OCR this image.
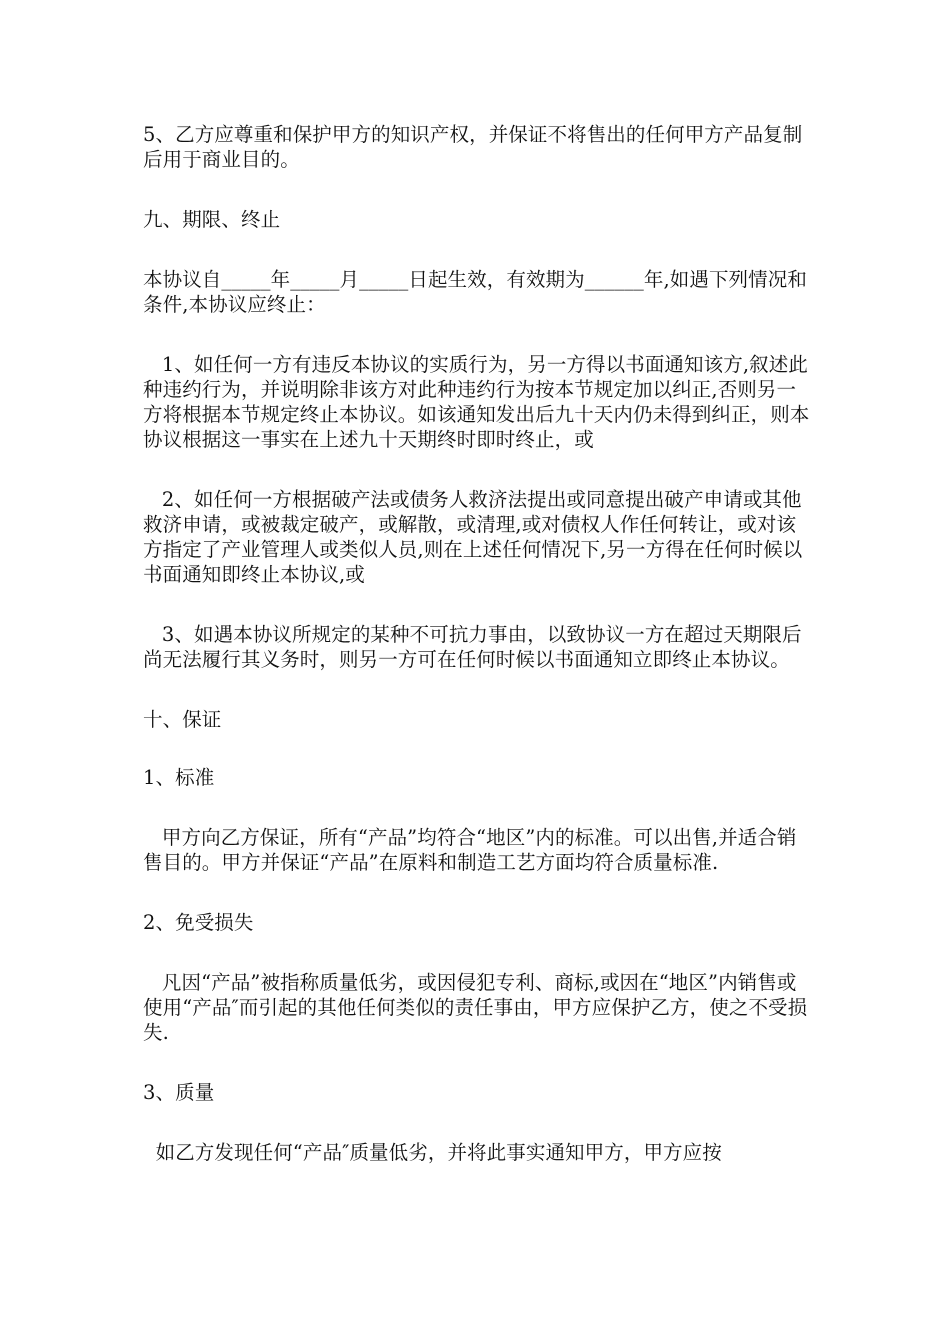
5、乙方应尊重和保护甲方的知识产权，并保证不将售出的任何甲方产品复制后用于商业目的。

九、期限、终止

本协议自_____年_____月_____日起生效，有效期为______年,如遇下列情况和条件,本协议应终止：

1、如任何一方有违反本协议的实质行为，另一方得以书面通知该方,叙述此种违约行为，并说明除非该方对此种违约行为按本节规定加以纠正,否则另一方将根据本节规定终止本协议。如该通知发出后九十天内仍未得到纠正，则本协议根据这一事实在上述九十天期终时即时终止，或

2、如任何一方根据破产法或债务人救济法提出或同意提出破产申请或其他救济申请，或被裁定破产，或解散，或清理,或对债权人作任何转让，或对该方指定了产业管理人或类似人员,则在上述任何情况下,另一方得在任何时候以书面通知即终止本协议,或

3、如遇本协议所规定的某种不可抗力事由，以致协议一方在超过天期限后尚无法履行其义务时，则另一方可在任何时候以书面通知立即终止本协议。

十、保证

1、标准

甲方向乙方保证，所有“产品”均符合“地区”内的标准。可以出售,并适合销售目的。甲方并保证“产品”在原料和制造工艺方面均符合质量标准.

2、免受损失

凡因“产品”被指称质量低劣，或因侵犯专利、商标,或因在“地区”内销售或使用“产品″而引起的其他任何类似的责任事由，甲方应保护乙方，使之不受损失.

3、质量

如乙方发现任何“产品″质量低劣，并将此事实通知甲方，甲方应按
